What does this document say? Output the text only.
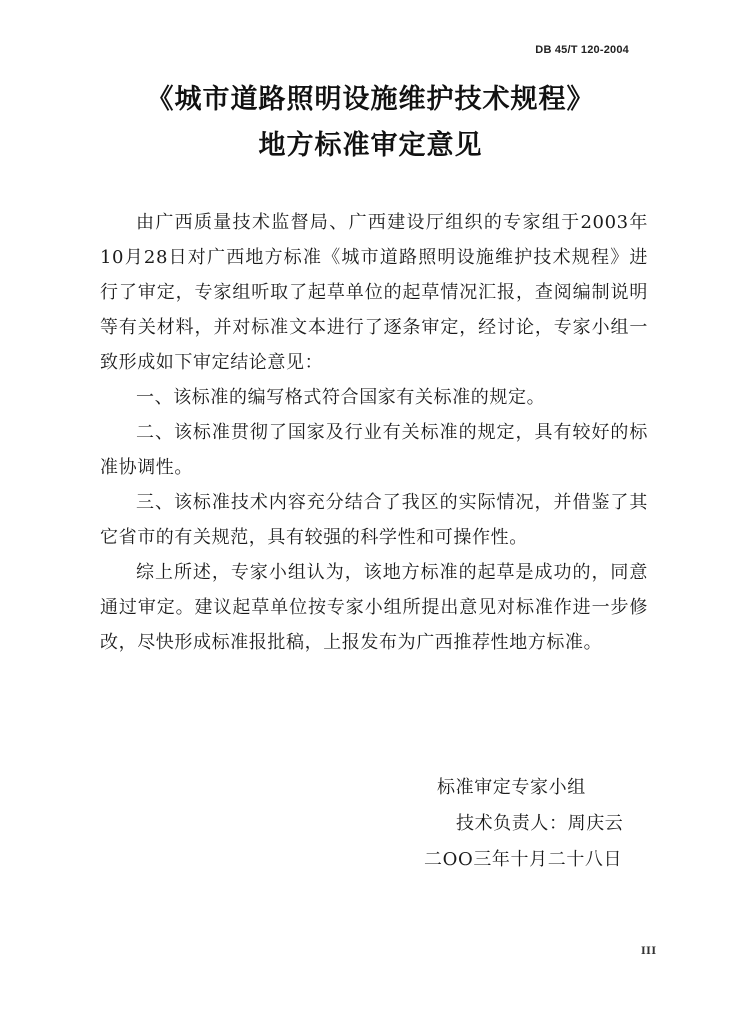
DB 45/T 120-2004
《城市道路照明设施维护技术规程》
地方标准审定意见

由广西质量技术监督局、广西建设厅组织的专家组于2003年10月28日对广西地方标准《城市道路照明设施维护技术规程》进行了审定，专家组听取了起草单位的起草情况汇报，查阅编制说明等有关材料，并对标准文本进行了逐条审定，经讨论，专家小组一致形成如下审定结论意见：

一、该标准的编写格式符合国家有关标准的规定。

二、该标准贯彻了国家及行业有关标准的规定，具有较好的标准协调性。

三、该标准技术内容充分结合了我区的实际情况，并借鉴了其它省市的有关规范，具有较强的科学性和可操作性。

综上所述，专家小组认为，该地方标准的起草是成功的，同意通过审定。建议起草单位按专家小组所提出意见对标准作进一步修改，尽快形成标准报批稿，上报发布为广西推荐性地方标准。

标准审定专家小组
技术负责人：周庆云
二OO三年十月二十八日
III
